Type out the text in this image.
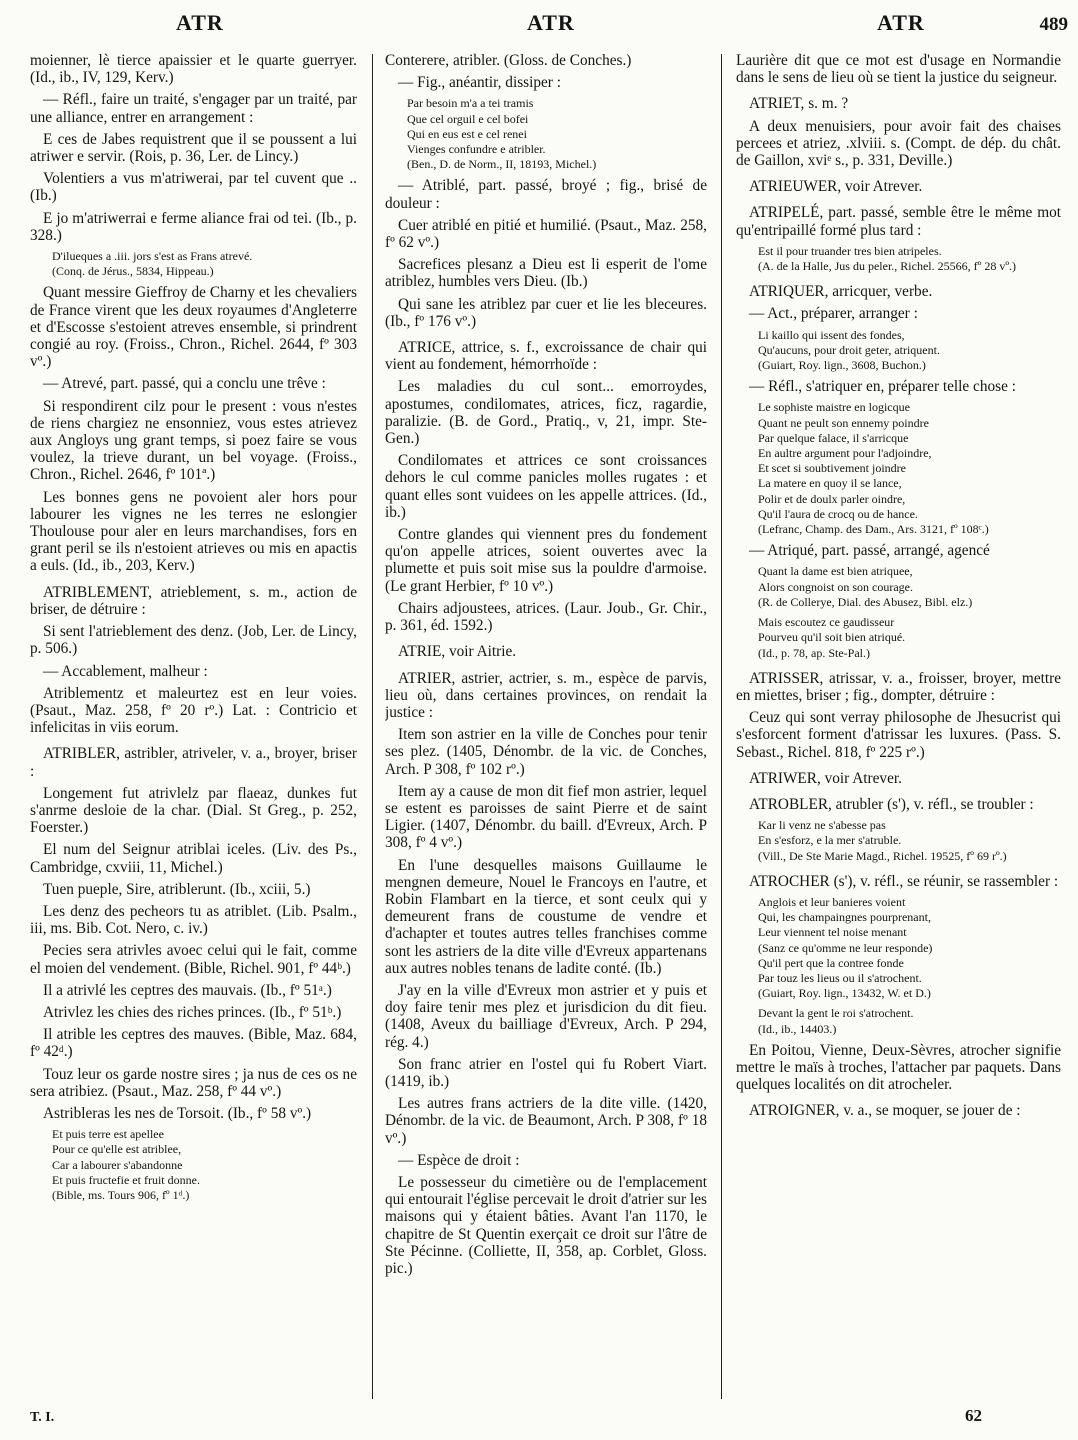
ATR	ATR	ATR	489

moienner, lè tierce apaissier et le quarte guerryer. (Id., ib., IV, 129, Kerv.)

— Réfl., faire un traité, s'engager par un traité, par une alliance, entrer en arrangement :

E ces de Jabes requistrent que il se poussent a lui atriwer e servir. (Rois, p. 36, Ler. de Lincy.)

Volentiers a vus m'atriwerai, par tel cuvent que .. (Ib.)

E jo m'atriwerrai e ferme aliance frai od tei. (Ib., p. 328.)

D'ilueques a .iii. jors s'est as Frans atrevé.
(Conq. de Jérus., 5834, Hippeau.)

Quant messire Gieffroy de Charny et les chevaliers de France virent que les deux royaumes d'Angleterre et d'Escosse s'estoient atreves ensemble, si prindrent congié au roy. (Froiss., Chron., Richel. 2644, fº 303 vº.)

— Atrevé, part. passé, qui a conclu une trêve :

Si respondirent cilz pour le present : vous n'estes de riens chargiez ne ensonniez, vous estes atrievez aux Angloys ung grant temps, si poez faire se vous voulez, la trieve durant, un bel voyage. (Froiss., Chron., Richel. 2646, fº 101ª.)

Les bonnes gens ne povoient aler hors pour labourer les vignes ne les terres ne eslongier Thoulouse pour aler en leurs marchandises, fors en grant peril se ils n'estoient atrieves ou mis en apactis a euls. (Id., ib., 203, Kerv.)

ATRIBLEMENT, atrieblement, s. m., action de briser, de détruire :

Si sent l'atrieblement des denz. (Job, Ler. de Lincy, p. 506.)

— Accablement, malheur :

Atriblementz et maleurtez est en leur voies. (Psaut., Maz. 258, fº 20 rº.) Lat. : Contricio et infelicitas in viis eorum.

ATRIBLER, astribler, atriveler, v. a., broyer, briser :

Longement fut atrivlelz par flaeaz, dunkes fut s'anrme desloie de la char. (Dial. St Greg., p. 252, Foerster.)

El num del Seignur atriblai iceles. (Liv. des Ps., Cambridge, cxviii, 11, Michel.)

Tuen pueple, Sire, atriblerunt. (Ib., xciii, 5.)

Les denz des pecheors tu as atriblet. (Lib. Psalm., iii, ms. Bib. Cot. Nero, c. iv.)

Pecies sera atrivles avoec celui qui le fait, comme el moien del vendement. (Bible, Richel. 901, fº 44ᵇ.)

Il a atrivlé les ceptres des mauvais. (Ib., fº 51ᵃ.)

Atrivlez les chies des riches princes. (Ib., fº 51ᵇ.)

Il atrible les ceptres des mauves. (Bible, Maz. 684, fº 42ᵈ.)

Touz leur os garde nostre sires ; ja nus de ces os ne sera atribiez. (Psaut., Maz. 258, fº 44 vº.)

Astribleras les nes de Torsoit. (Ib., fº 58 vº.)

Et puis terre est apellee
Pour ce qu'elle est atriblee,
Car a labourer s'abandonne
Et puis fructefie et fruit donne.
(Bible, ms. Tours 906, fº 1ᵈ.)

Conterere, atribler. (Gloss. de Conches.)

— Fig., anéantir, dissiper :

Par besoin m'a a tei tramis
Que cel orguil e cel bofei
Qui en eus est e cel renei
Vienges confundre e atribler.
(Ben., D. de Norm., II, 18193, Michel.)

— Atriblé, part. passé, broyé ; fig., brisé de douleur :

Cuer atriblé en pitié et humilié. (Psaut., Maz. 258, fº 62 vº.)

Sacrefices plesanz a Dieu est li esperit de l'ome atriblez, humbles vers Dieu. (Ib.)

Qui sane les atriblez par cuer et lie les bleceures. (Ib., fº 176 vº.)

ATRICE, attrice, s. f., excroissance de chair qui vient au fondement, hémorrhoïde :

Les maladies du cul sont... emorroydes, apostumes, condilomates, atrices, ficz, ragardie, paralizie. (B. de Gord., Pratiq., v, 21, impr. Ste-Gen.)

Condilomates et attrices ce sont croissances dehors le cul comme panicles molles rugates : et quant elles sont vuidees on les appelle attrices. (Id., ib.)

Contre glandes qui viennent pres du fondement qu'on appelle atrices, soient ouvertes avec la plumette et puis soit mise sus la pouldre d'armoise. (Le grant Herbier, fº 10 vº.)

Chairs adjoustees, atrices. (Laur. Joub., Gr. Chir., p. 361, éd. 1592.)

ATRIE, voir Aitrie.

ATRIER, astrier, actrier, s. m., espèce de parvis, lieu où, dans certaines provinces, on rendait la justice :

Item son astrier en la ville de Conches pour tenir ses plez. (1405, Dénombr. de la vic. de Conches, Arch. P 308, fº 102 rº.)

Item ay a cause de mon dit fief mon astrier, lequel se estent es paroisses de saint Pierre et de saint Ligier. (1407, Dénombr. du baill. d'Evreux, Arch. P 308, fº 4 vº.)

En l'une desquelles maisons Guillaume le mengnen demeure, Nouel le Francoys en l'autre, et Robin Flambart en la tierce, et sont ceulx qui y demeurent frans de coustume de vendre et d'achapter et toutes autres telles franchises comme sont les astriers de la dite ville d'Evreux appartenans aux autres nobles tenans de ladite conté. (Ib.)

J'ay en la ville d'Evreux mon astrier et y puis et doy faire tenir mes plez et jurisdicion du dit fieu. (1408, Aveux du bailliage d'Evreux, Arch. P 294, rég. 4.)

Son franc atrier en l'ostel qui fu Robert Viart. (1419, ib.)

Les autres frans actriers de la dite ville. (1420, Dénombr. de la vic. de Beaumont, Arch. P 308, fº 18 vº.)

— Espèce de droit :

Le possesseur du cimetière ou de l'emplacement qui entourait l'église percevait le droit d'atrier sur les maisons qui y étaient bâties. Avant l'an 1170, le chapitre de St Quentin exerçait ce droit sur l'âtre de Ste Pécinne. (Colliette, II, 358, ap. Corblet, Gloss. pic.)

Laurière dit que ce mot est d'usage en Normandie dans le sens de lieu où se tient la justice du seigneur.

ATRIET, s. m. ?

A deux menuisiers, pour avoir fait des chaises percees et atriez, .xlviii. s. (Compt. de dép. du chât. de Gaillon, xviᵉ s., p. 331, Deville.)

ATRIEUWER, voir Atrever.

ATRIPELÉ, part. passé, semble être le même mot qu'entripaillé formé plus tard :

Est il pour truander tres bien atripeles.
(A. de la Halle, Jus du peler., Richel. 25566, fº 28 vº.)

ATRIQUER, arricquer, verbe.

— Act., préparer, arranger :

Li kaillo qui issent des fondes,
Qu'aucuns, pour droit geter, atriquent.
(Guiart, Roy. lign., 3608, Buchon.)

— Réfl., s'atriquer en, préparer telle chose :

Le sophiste maistre en logicque
Quant ne peult son ennemy poindre
Par quelque falace, il s'arricque
En aultre argument pour l'adjoindre,
Et scet si soubtivement joindre
La matere en quoy il se lance,
Polir et de doulx parler oindre,
Qu'il l'aura de crocq ou de hance.
(Lefranc, Champ. des Dam., Ars. 3121, fº 108ᶜ.)

— Atriqué, part. passé, arrangé, agencé

Quant la dame est bien atriquee,
Alors congnoist on son courage.
(R. de Collerye, Dial. des Abusez, Bibl. elz.)

Mais escoutez ce gaudisseur
Pourveu qu'il soit bien atriqué.
(Id., p. 78, ap. Ste-Pal.)

ATRISSER, atrissar, v. a., froisser, broyer, mettre en miettes, briser ; fig., dompter, détruire :

Ceuz qui sont verray philosophe de Jhesucrist qui s'esforcent forment d'atrissar les luxures. (Pass. S. Sebast., Richel. 818, fº 225 rº.)

ATRIWER, voir Atrever.

ATROBLER, atrubler (s'), v. réfl., se troubler :

Kar li venz ne s'abesse pas
En s'esforz, e la mer s'atruble.
(Vill., De Ste Marie Magd., Richel. 19525, fº 69 rº.)

ATROCHER (s'), v. réfl., se réunir, se rassembler :

Anglois et leur banieres voient
Qui, les champaingnes pourprenant,
Leur viennent tel noise menant
(Sanz ce qu'omme ne leur responde)
Qu'il pert que la contree fonde
Par touz les lieus ou il s'atrochent.
(Guiart, Roy. lign., 13432, W. et D.)

Devant la gent le roi s'atrochent.
(Id., ib., 14403.)

En Poitou, Vienne, Deux-Sèvres, atrocher signifie mettre le maïs à troches, l'attacher par paquets. Dans quelques localités on dit atrocheler.

ATROIGNER, v. a., se moquer, se jouer de :

T. I.	62
